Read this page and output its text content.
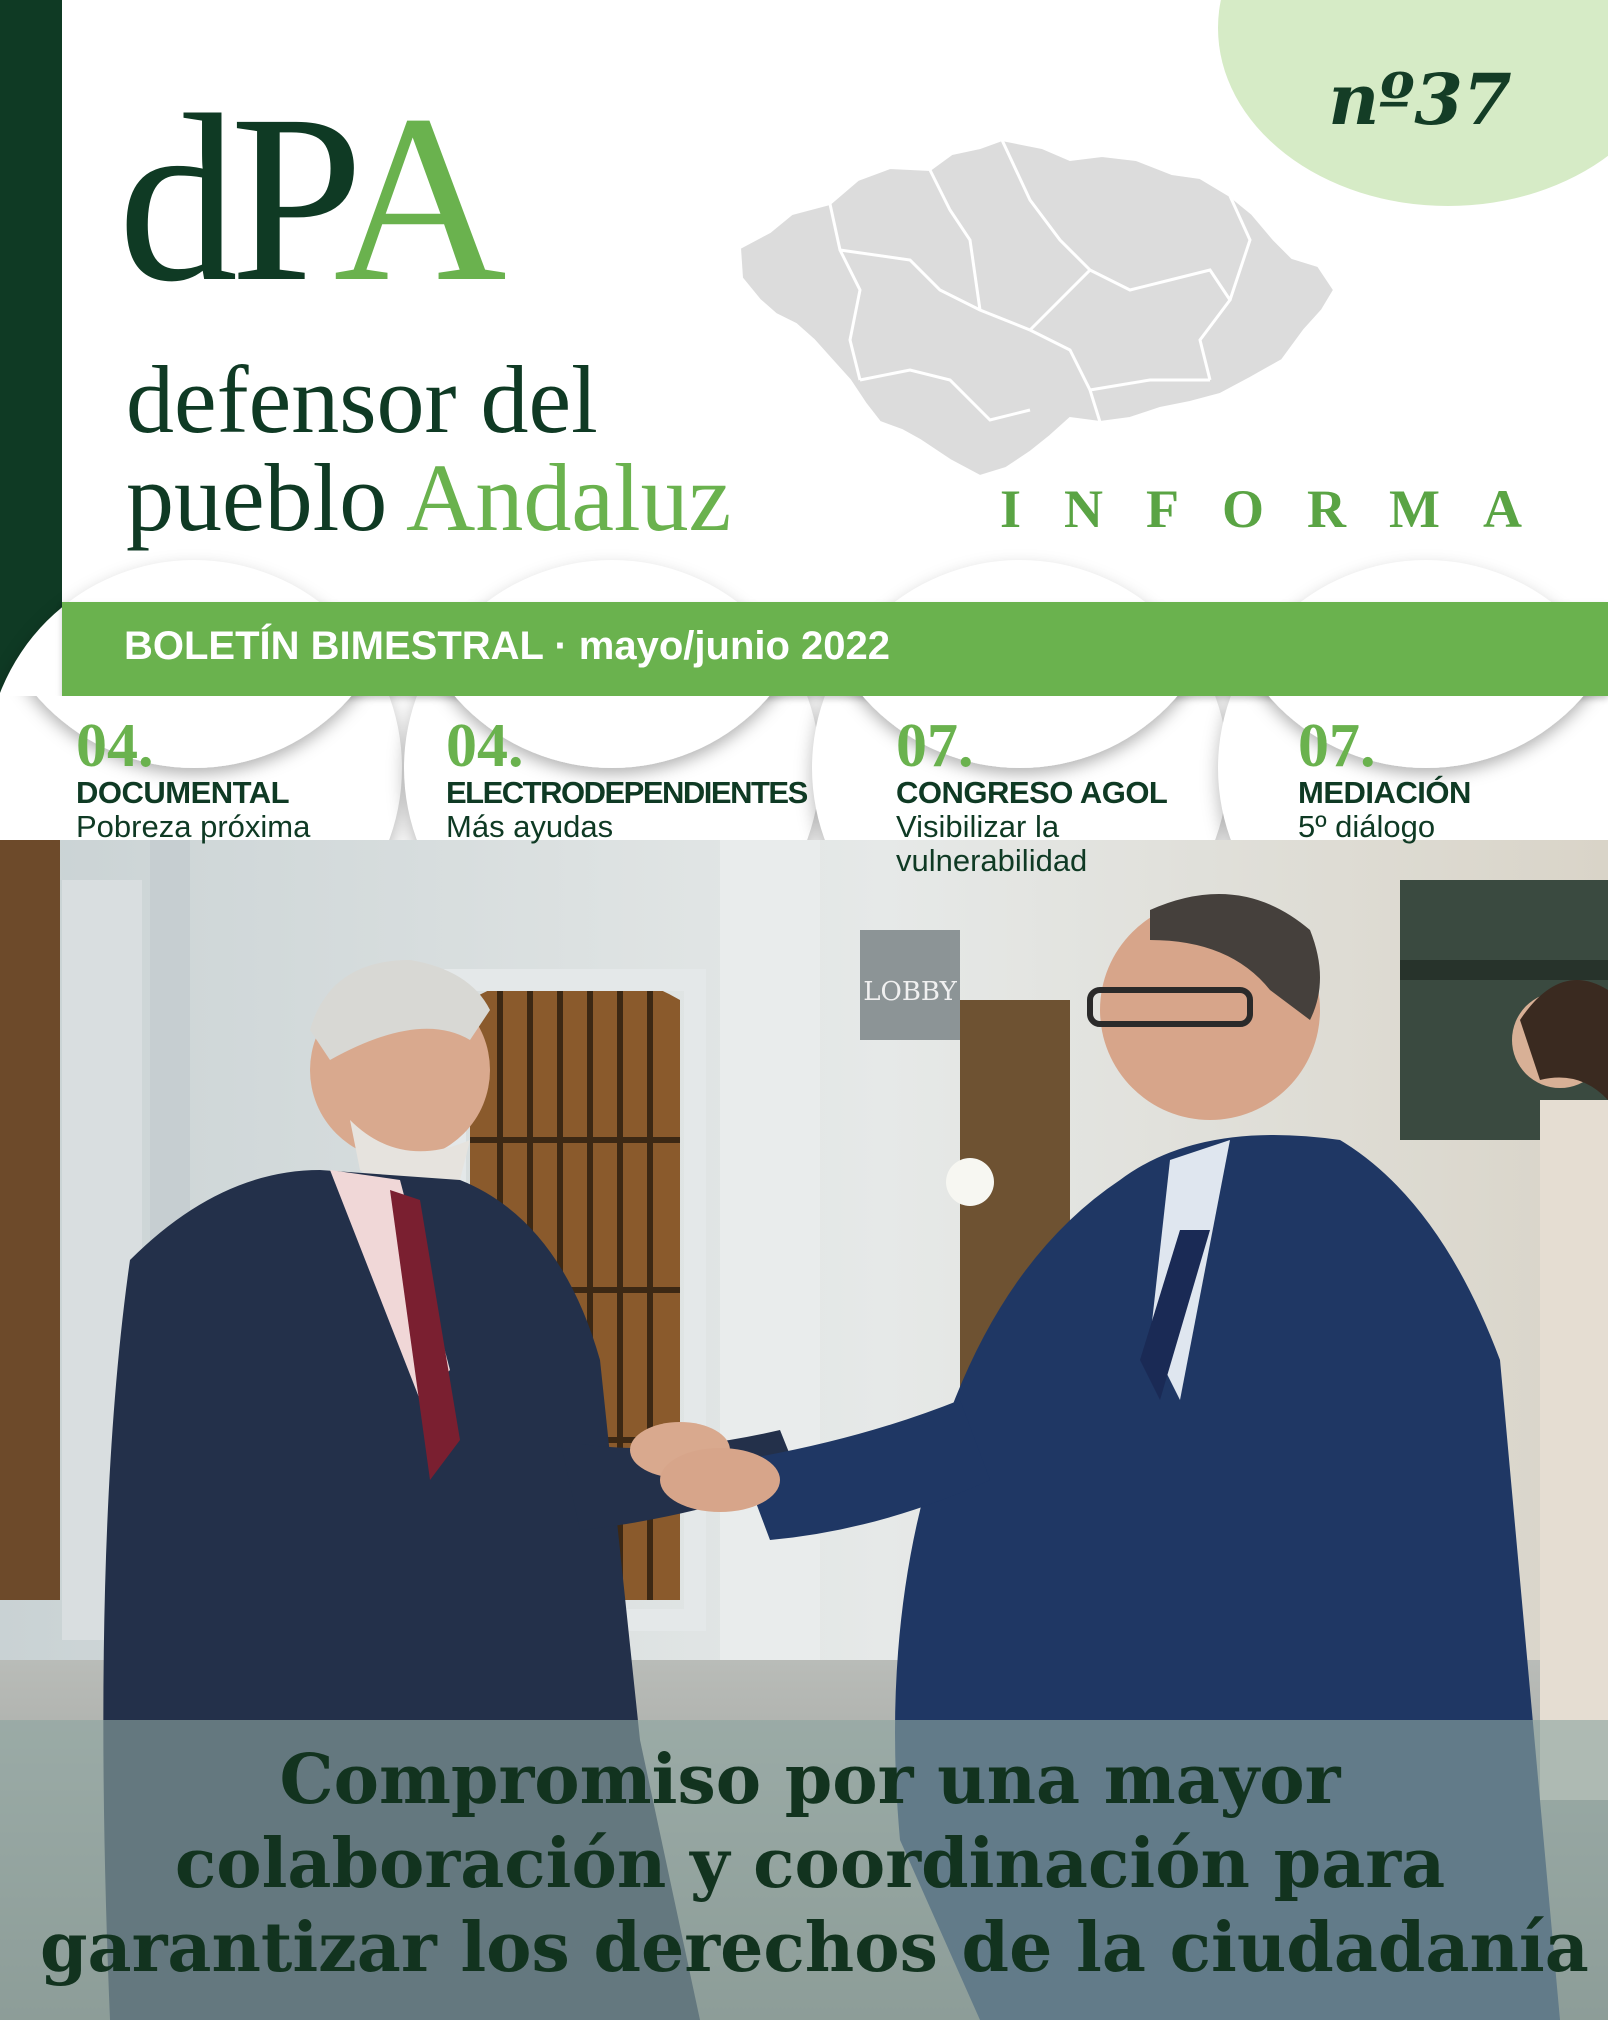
nº37
dPA
defensor del
pueblo Andaluz	INFORMA
LOBBY
BOLETÍN BIMESTRAL · mayo/junio 2022
04.
DOCUMENTAL
Pobreza próxima
04.
ELECTRODEPENDIENTES
Más ayudas
07.
CONGRESO AGOL
Visibilizar la
vulnerabilidad
07.
MEDIACIÓN
5º diálogo
Compromiso por una mayor
colaboración y coordinación para
garantizar los derechos de la ciudadanía
